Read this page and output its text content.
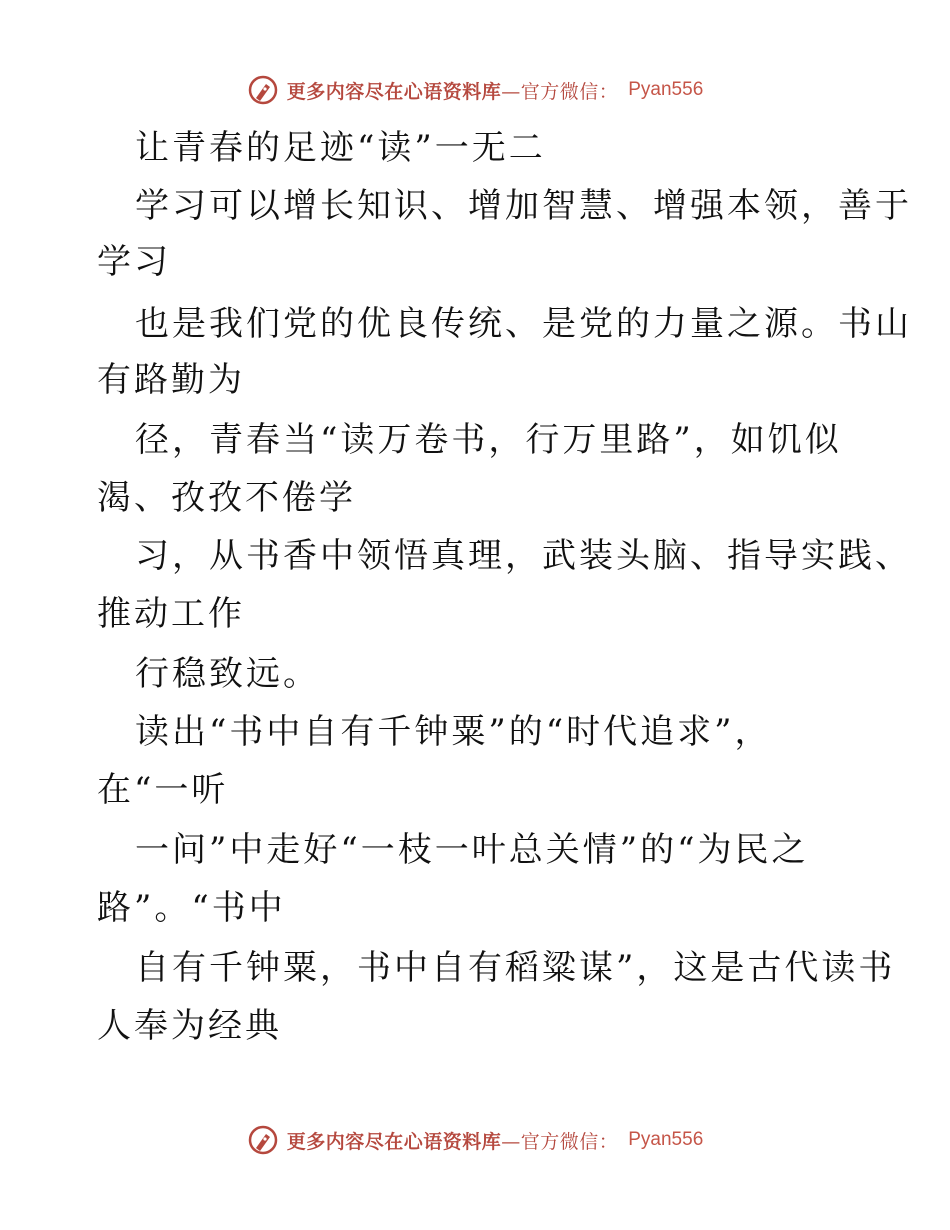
更多内容尽在心语资料库—官方微信： Pyan556
让青春的足迹“读”一无二
学习可以增长知识、增加智慧、增强本领，善于
学习
也是我们党的优良传统、是党的力量之源。书山
有路勤为
径，青春当“读万卷书，行万里路”，如饥似
渴、孜孜不倦学
习，从书香中领悟真理，武装头脑、指导实践、
推动工作
行稳致远。
读出“书中自有千钟粟”的“时代追求”，
在“一听
一问”中走好“一枝一叶总关情”的“为民之
路”。“书中
自有千钟粟，书中自有稻粱谋”，这是古代读书
人奉为经典
更多内容尽在心语资料库—官方微信： Pyan556
